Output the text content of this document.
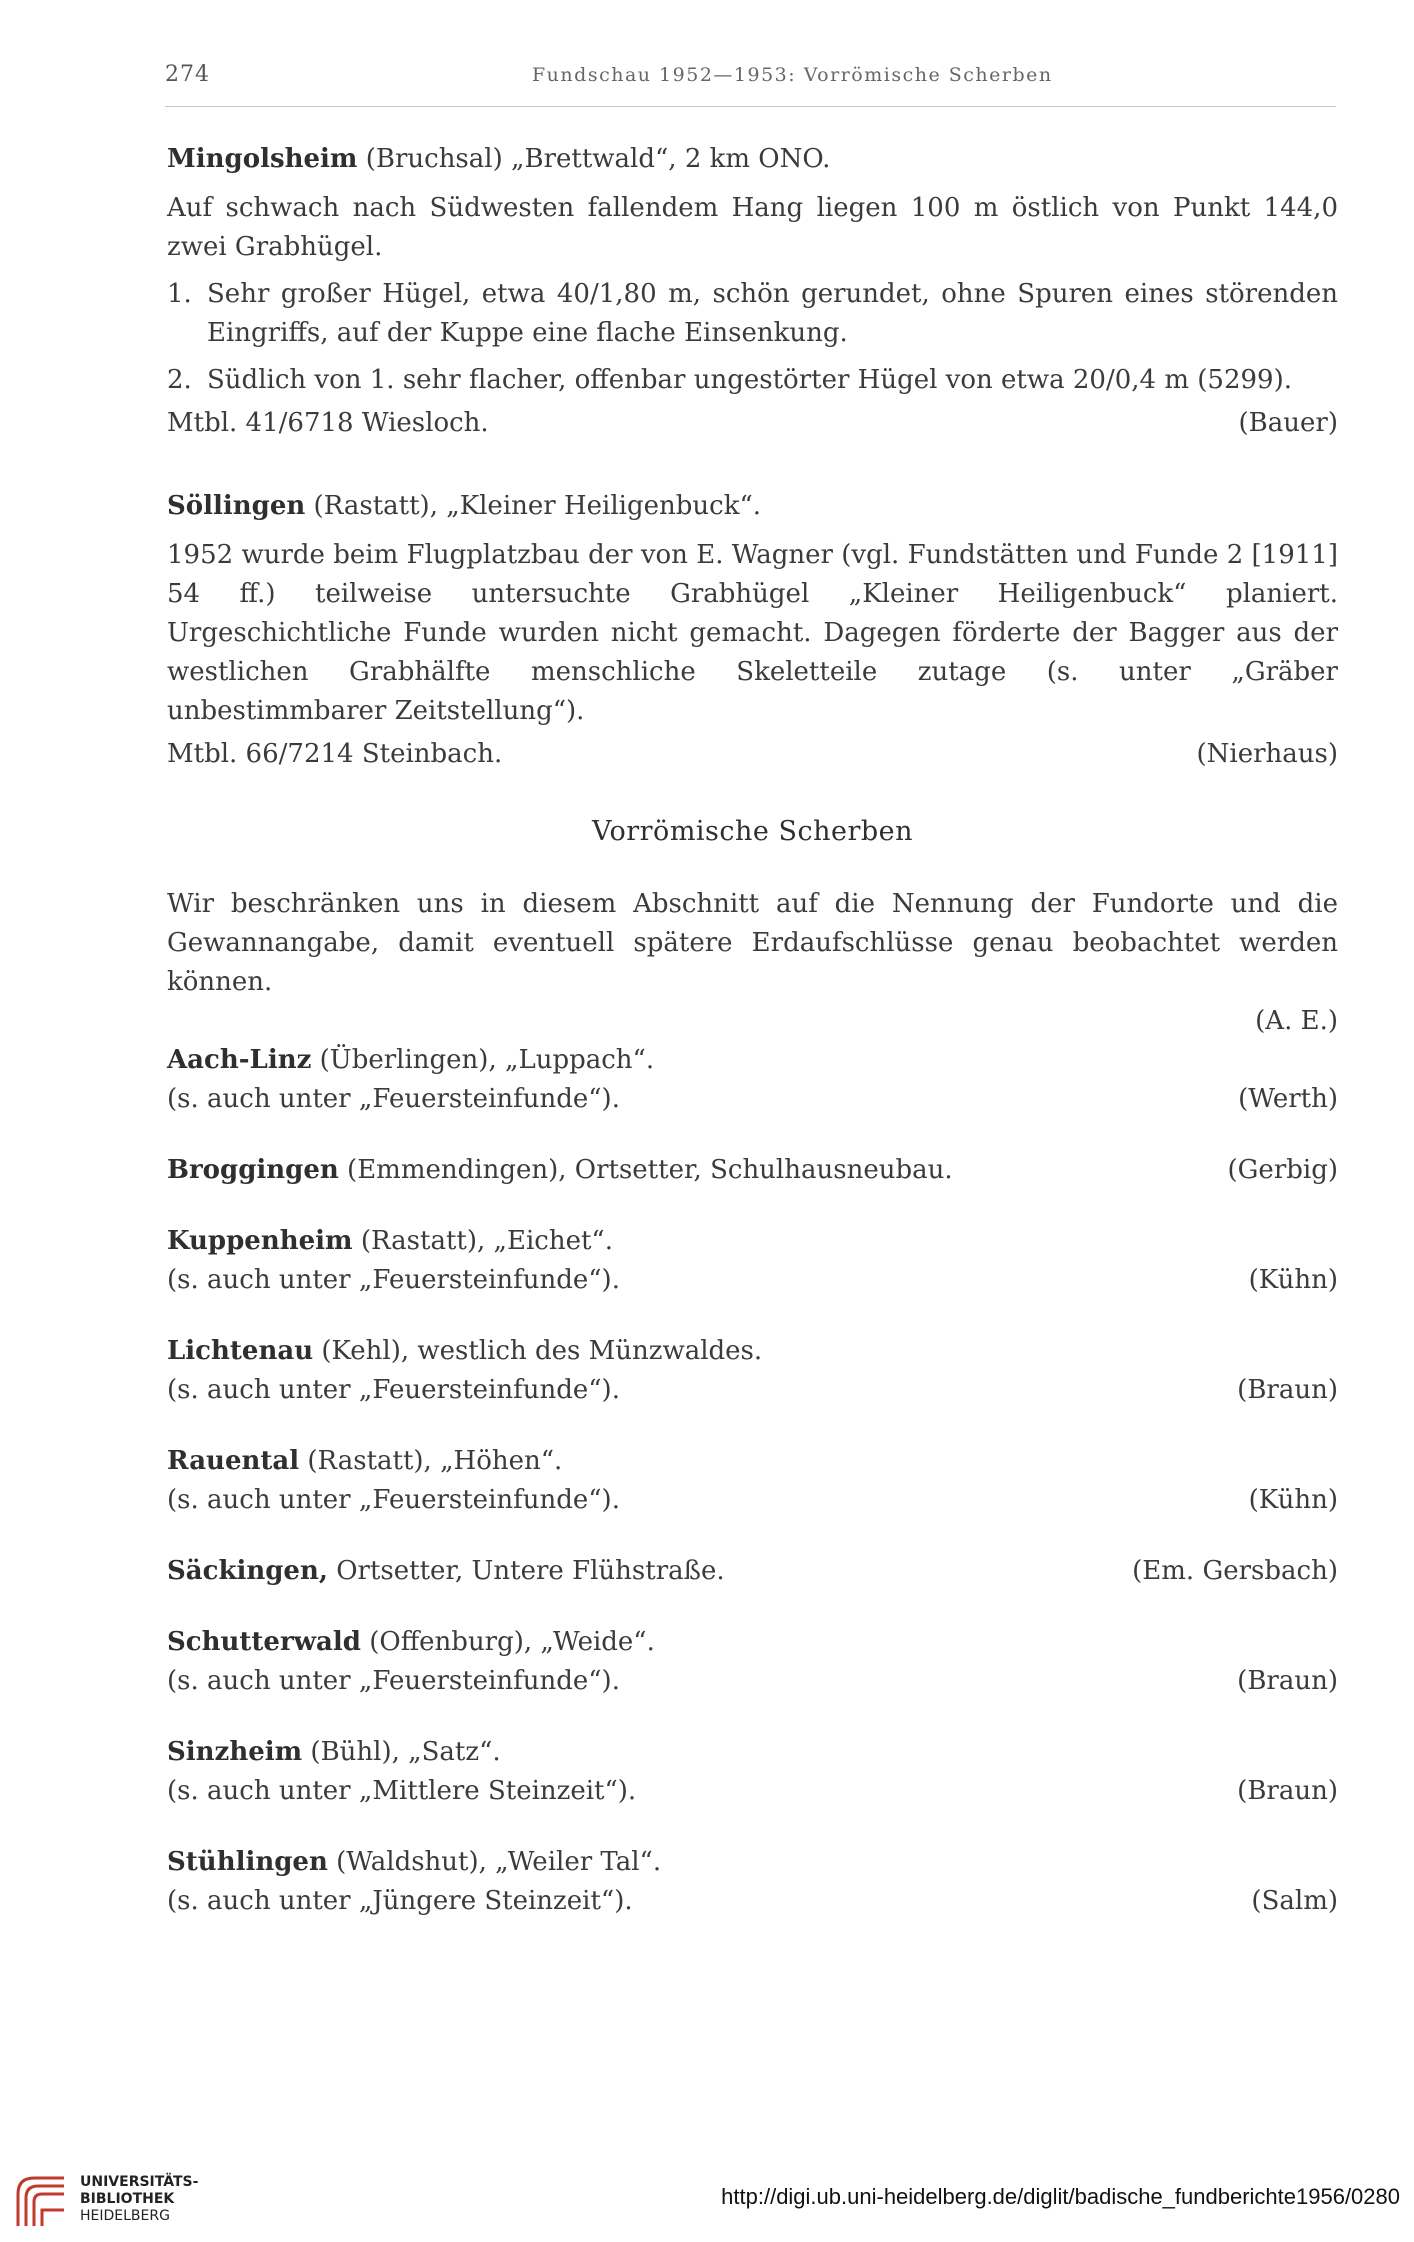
274	Fundschau 1952—1953: Vorrömische Scherben

Mingolsheim (Bruchsal) „Brettwald“, 2 km ONO.

Auf schwach nach Südwesten fallendem Hang liegen 100 m östlich von Punkt 144,0 zwei Grabhügel.

1. Sehr großer Hügel, etwa 40/1,80 m, schön gerundet, ohne Spuren eines störenden Eingriffs, auf der Kuppe eine flache Einsenkung.
2. Südlich von 1. sehr flacher, offenbar ungestörter Hügel von etwa 20/0,4 m (5299).
Mtbl. 41/6718 Wiesloch.	(Bauer)

Söllingen (Rastatt), „Kleiner Heiligenbuck“.

1952 wurde beim Flugplatzbau der von E. Wagner (vgl. Fundstätten und Funde 2 [1911] 54 ff.) teilweise untersuchte Grabhügel „Kleiner Heiligenbuck“ planiert. Urgeschichtliche Funde wurden nicht gemacht. Dagegen förderte der Bagger aus der westlichen Grabhälfte menschliche Skeletteile zutage (s. unter „Gräber unbestimmbarer Zeitstellung“).

Mtbl. 66/7214 Steinbach.	(Nierhaus)
Vorrömische Scherben

Wir beschränken uns in diesem Abschnitt auf die Nennung der Fundorte und die Gewannangabe, damit eventuell spätere Erdaufschlüsse genau beobachtet werden können.

(A. E.)

Aach-Linz (Überlingen), „Luppach“.

(s. auch unter „Feuersteinfunde“).	(Werth)

Broggingen (Emmendingen), Ortsetter, Schulhausneubau.	(Gerbig)

Kuppenheim (Rastatt), „Eichet“.

(s. auch unter „Feuersteinfunde“).	(Kühn)

Lichtenau (Kehl), westlich des Münzwaldes.

(s. auch unter „Feuersteinfunde“).	(Braun)

Rauental (Rastatt), „Höhen“.

(s. auch unter „Feuersteinfunde“).	(Kühn)

Säckingen, Ortsetter, Untere Flühstraße.	(Em. Gersbach)

Schutterwald (Offenburg), „Weide“.

(s. auch unter „Feuersteinfunde“).	(Braun)

Sinzheim (Bühl), „Satz“.

(s. auch unter „Mittlere Steinzeit“).	(Braun)

Stühlingen (Waldshut), „Weiler Tal“.

(s. auch unter „Jüngere Steinzeit“).	(Salm)
UNIVERSITÄTS-
BIBLIOTHEK
HEIDELBERG
http://digi.ub.uni-heidelberg.de/diglit/badische_fundberichte1956/0280
